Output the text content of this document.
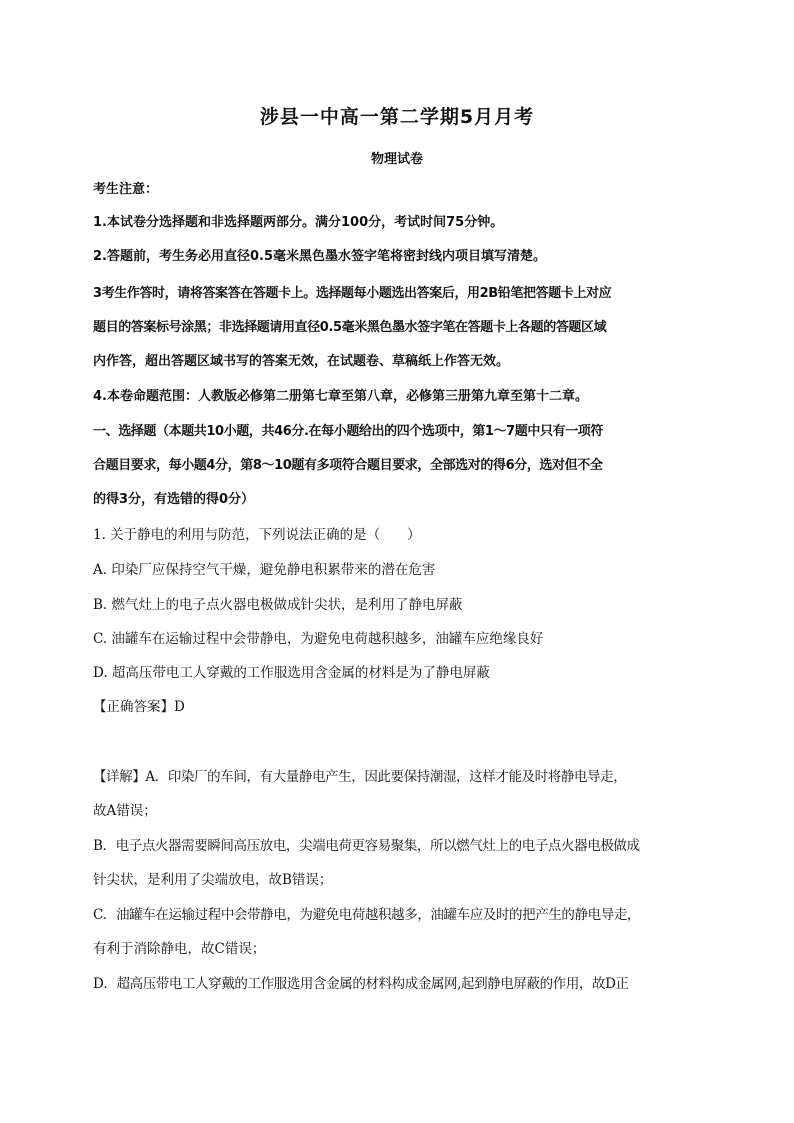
涉县一中高一第二学期5月月考
物理试卷
考生注意：
1.本试卷分选择题和非选择题两部分。满分100分，考试时间75分钟。
2.答题前，考生务必用直径0.5毫米黑色墨水签字笔将密封线内项目填写清楚。
3考生作答时，请将答案答在答题卡上。选择题每小题选出答案后，用2B铅笔把答题卡上对应
题目的答案标号涂黑；非选择题请用直径0.5毫米黑色墨水签字笔在答题卡上各题的答题区域
内作答，超出答题区域书写的答案无效，在试题卷、草稿纸上作答无效。
4.本卷命题范围：人教版必修第二册第七章至第八章，必修第三册第九章至第十二章。
一、选择题（本题共10小题，共46分.在每小题给出的四个选项中，第1～7题中只有一项符
合题目要求，每小题4分，第8～10题有多项符合题目要求，全部选对的得6分，选对但不全
的得3分，有选错的得0分）
1. 关于静电的利用与防范，下列说法正确的是（　　）
A. 印染厂应保持空气干燥，避免静电积累带来的潜在危害
B. 燃气灶上的电子点火器电极做成针尖状，是利用了静电屏蔽
C. 油罐车在运输过程中会带静电，为避免电荷越积越多，油罐车应绝缘良好
D. 超高压带电工人穿戴的工作服选用含金属的材料是为了静电屏蔽
【正确答案】D
【详解】A．印染厂的车间，有大量静电产生，因此要保持潮湿，这样才能及时将静电导走，
故A错误；
B．电子点火器需要瞬间高压放电，尖端电荷更容易聚集，所以燃气灶上的电子点火器电极做成
针尖状，是利用了尖端放电，故B错误；
C．油罐车在运输过程中会带静电，为避免电荷越积越多，油罐车应及时的把产生的静电导走，
有利于消除静电，故C错误；
D．超高压带电工人穿戴的工作服选用含金属的材料构成金属网,起到静电屏蔽的作用，故D正
